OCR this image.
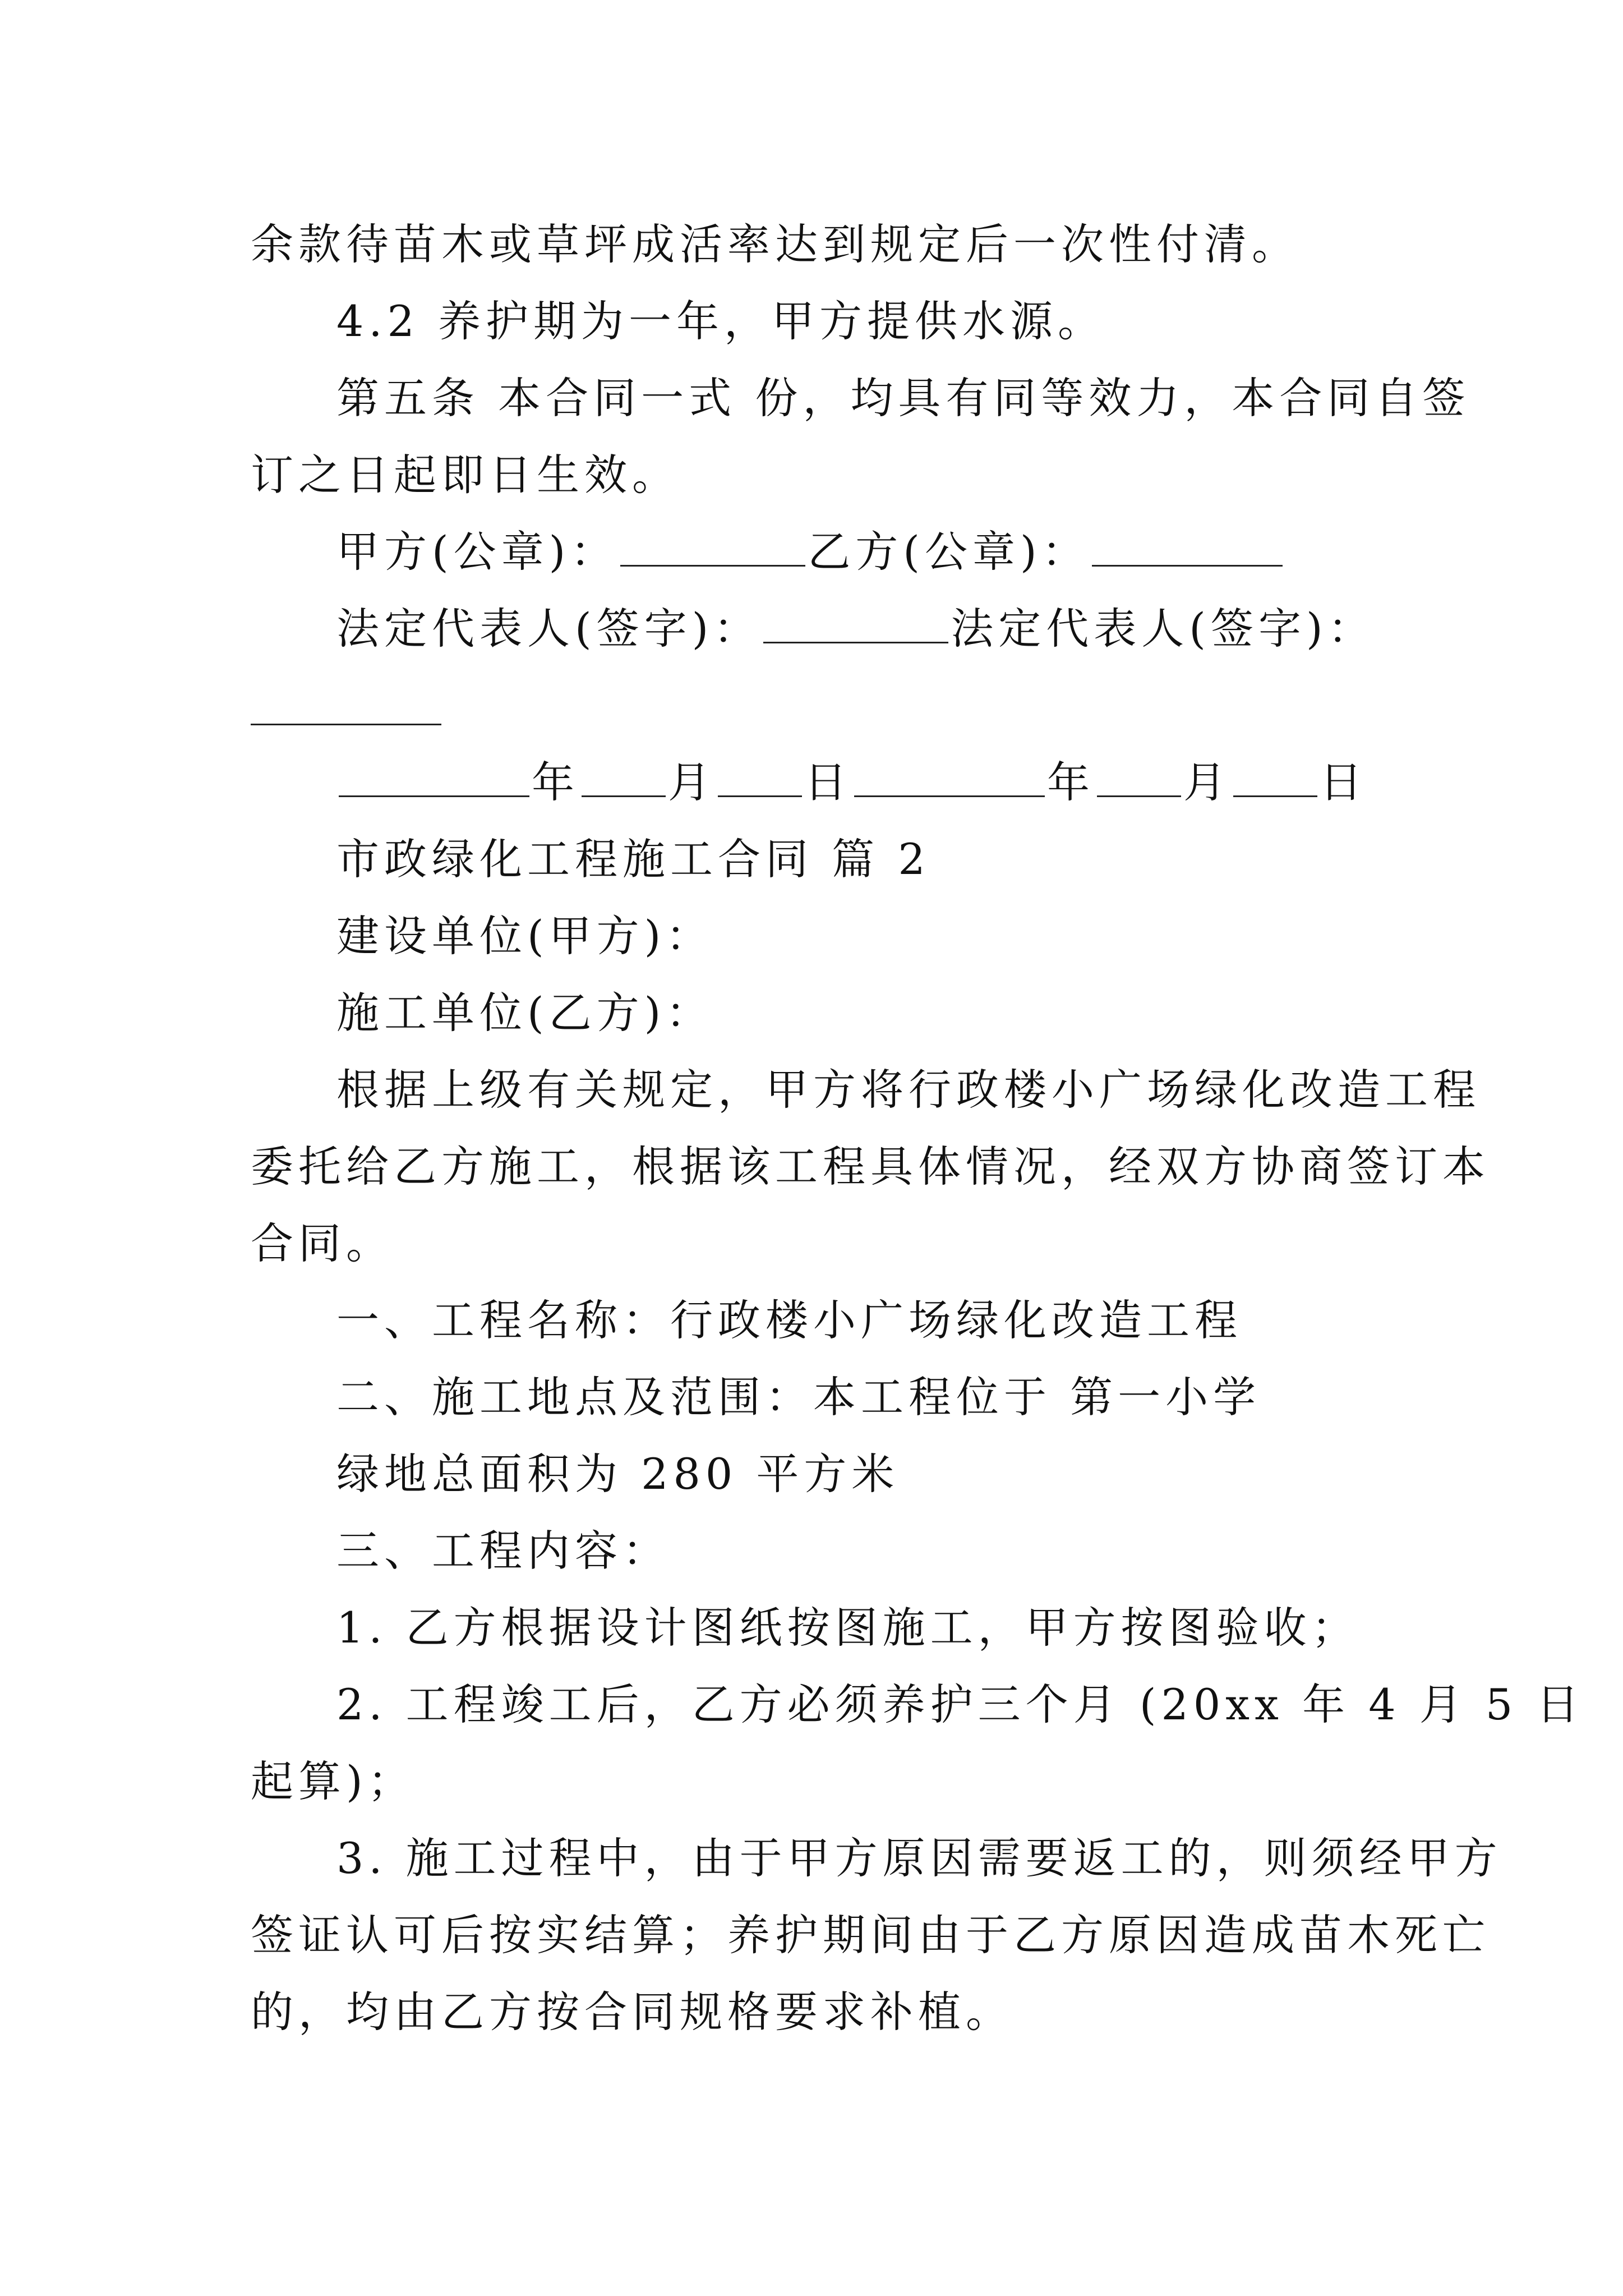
余款待苗木或草坪成活率达到规定后一次性付清。
4.2 养护期为一年，甲方提供水源。
第五条 本合同一式 份，均具有同等效力，本合同自签
订之日起即日生效。
甲方(公章)：	乙方(公章)：
法定代表人(签字)：	法定代表人(签字)：
年 月 日	年 月 日
市政绿化工程施工合同 篇 2
建设单位(甲方)：
施工单位(乙方)：
根据上级有关规定，甲方将行政楼小广场绿化改造工程
委托给乙方施工，根据该工程具体情况，经双方协商签订本
合同。
一、工程名称：行政楼小广场绿化改造工程
二、施工地点及范围：本工程位于 第一小学
绿地总面积为 280 平方米
三、工程内容：
1. 乙方根据设计图纸按图施工，甲方按图验收；
2. 工程竣工后，乙方必须养护三个月 (20xx 年 4 月 5 日
起算)；
3. 施工过程中，由于甲方原因需要返工的，则须经甲方
签证认可后按实结算；养护期间由于乙方原因造成苗木死亡
的，均由乙方按合同规格要求补植。
